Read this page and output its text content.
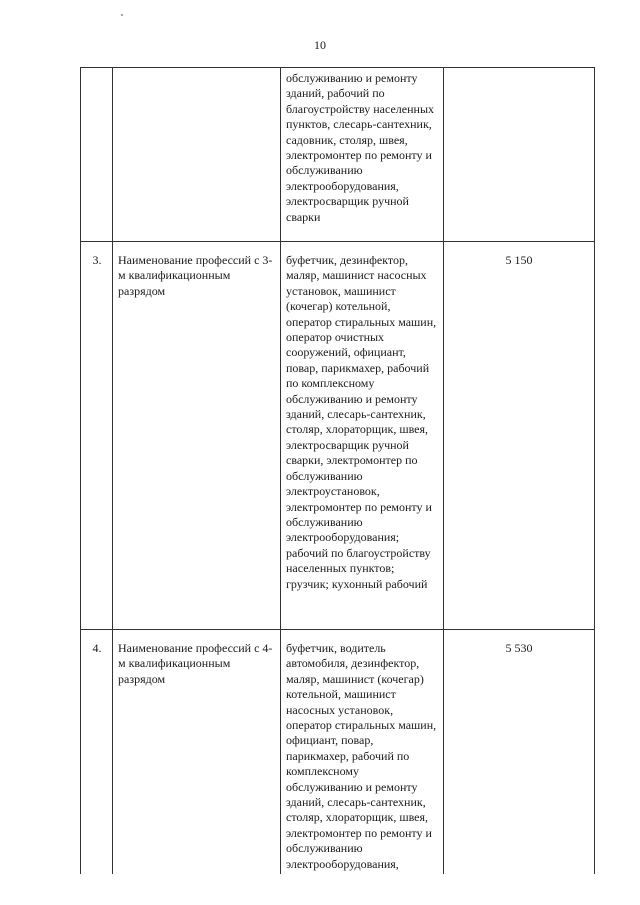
10
		обслуживанию и ремонту зданий, рабочий по благоустройству населенных пунктов, слесарь-сантехник, садовник, столяр, швея, электромонтер по ремонту и обслуживанию электрооборудования, электросварщик ручной сварки	
3.	Наименование профессий с 3-м квалификационным разрядом	буфетчик, дезинфектор, маляр, машинист насосных установок, машинист (кочегар) котельной, оператор стиральных машин, оператор очистных сооружений, официант, повар, парикмахер, рабочий по комплексному обслуживанию и ремонту зданий, слесарь-сантехник, столяр, хлораторщик, швея, электросварщик ручной сварки, электромонтер по обслуживанию электроустановок, электромонтер по ремонту и обслуживанию электрооборудования; рабочий по благоустройству населенных пунктов; грузчик; кухонный рабочий	5 150
4.	Наименование профессий с 4-м квалификационным разрядом	буфетчик, водитель автомобиля, дезинфектор, маляр, машинист (кочегар) котельной, машинист насосных установок, оператор стиральных машин, официант, повар, парикмахер, рабочий по комплексному обслуживанию и ремонту зданий, слесарь-сантехник, столяр, хлораторщик, швея, электромонтер по ремонту и обслуживанию электрооборудования,	5 530
